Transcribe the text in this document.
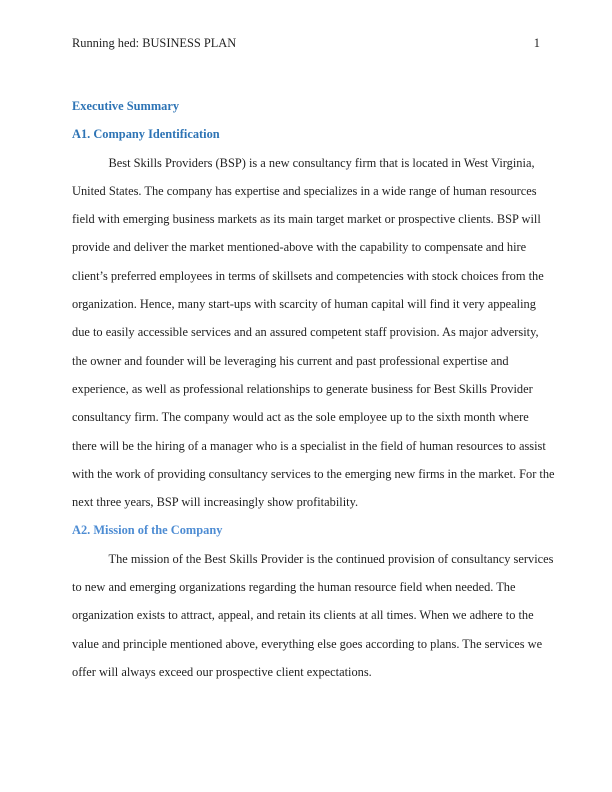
Running hed: BUSINESS PLAN	1
Executive Summary
A1. Company Identification
Best Skills Providers (BSP) is a new consultancy firm that is located in West Virginia,
United States. The company has expertise and specializes in a wide range of human resources
field with emerging business markets as its main target market or prospective clients. BSP will
provide and deliver the market mentioned-above with the capability to compensate and hire
client’s preferred employees in terms of skillsets and competencies with stock choices from the
organization. Hence, many start-ups with scarcity of human capital will find it very appealing
due to easily accessible services and an assured competent staff provision. As major adversity,
the owner and founder will be leveraging his current and past professional expertise and
experience, as well as professional relationships to generate business for Best Skills Provider
consultancy firm. The company would act as the sole employee up to the sixth month where
there will be the hiring of a manager who is a specialist in the field of human resources to assist
with the work of providing consultancy services to the emerging new firms in the market. For the
next three years, BSP will increasingly show profitability.
A2. Mission of the Company
The mission of the Best Skills Provider is the continued provision of consultancy services
to new and emerging organizations regarding the human resource field when needed. The
organization exists to attract, appeal, and retain its clients at all times. When we adhere to the
value and principle mentioned above, everything else goes according to plans. The services we
offer will always exceed our prospective client expectations.
